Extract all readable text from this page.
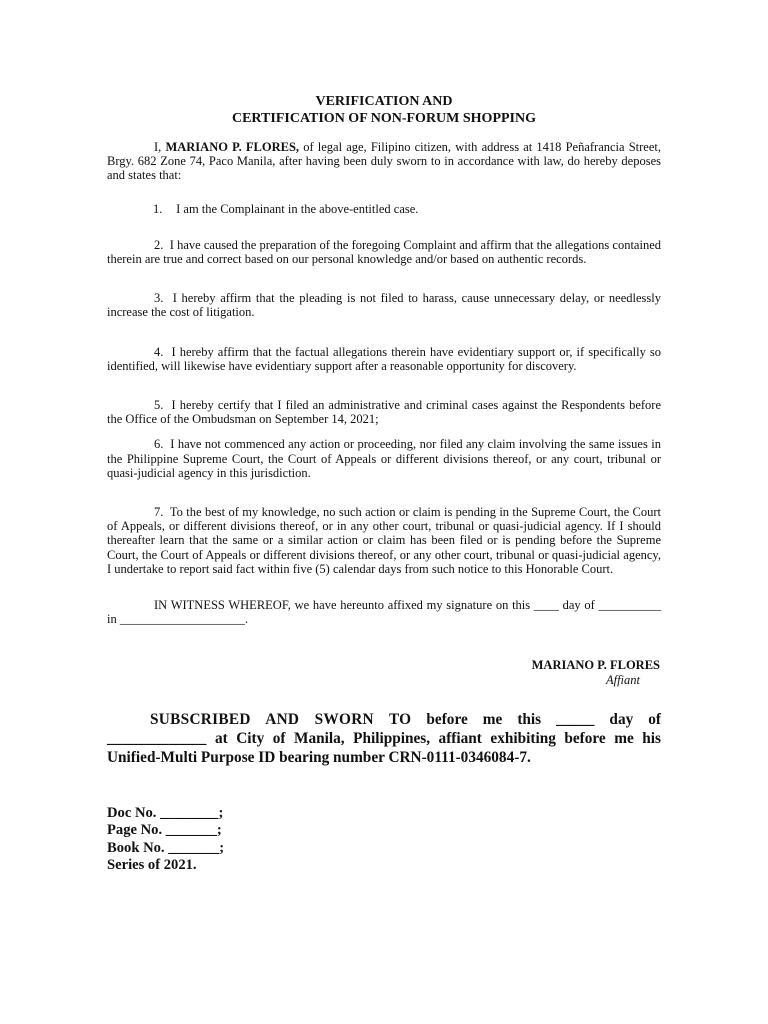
VERIFICATION AND
CERTIFICATION OF NON-FORUM SHOPPING

I, MARIANO P. FLORES, of legal age, Filipino citizen, with address at 1418 Peñafrancia Street, Brgy. 682 Zone 74, Paco Manila, after having been duly sworn to in accordance with law, do hereby deposes and states that:

1. I am the Complainant in the above-entitled case.

2. I have caused the preparation of the foregoing Complaint and affirm that the allegations contained therein are true and correct based on our personal knowledge and/or based on authentic records.

3. I hereby affirm that the pleading is not filed to harass, cause unnecessary delay, or needlessly increase the cost of litigation.

4. I hereby affirm that the factual allegations therein have evidentiary support or, if specifically so identified, will likewise have evidentiary support after a reasonable opportunity for discovery.

5. I hereby certify that I filed an administrative and criminal cases against the Respondents before the Office of the Ombudsman on September 14, 2021;

6. I have not commenced any action or proceeding, nor filed any claim involving the same issues in the Philippine Supreme Court, the Court of Appeals or different divisions thereof, or any court, tribunal or quasi-judicial agency in this jurisdiction.

7. To the best of my knowledge, no such action or claim is pending in the Supreme Court, the Court of Appeals, or different divisions thereof, or in any other court, tribunal or quasi-judicial agency. If I should thereafter learn that the same or a similar action or claim has been filed or is pending before the Supreme Court, the Court of Appeals or different divisions thereof, or any other court, tribunal or quasi-judicial agency, I undertake to report said fact within five (5) calendar days from such notice to this Honorable Court.

IN WITNESS WHEREOF, we have hereunto affixed my signature on this ____ day of __________ in ____________________.

MARIANO P. FLORES
Affiant
SUBSCRIBED AND SWORN TO before me this _____ day of _____________ at City of Manila, Philippines, affiant exhibiting before me his Unified-Multi Purpose ID bearing number CRN-0111-0346084-7.
Doc No. ________;
Page No. _______;
Book No. _______;
Series of 2021.
